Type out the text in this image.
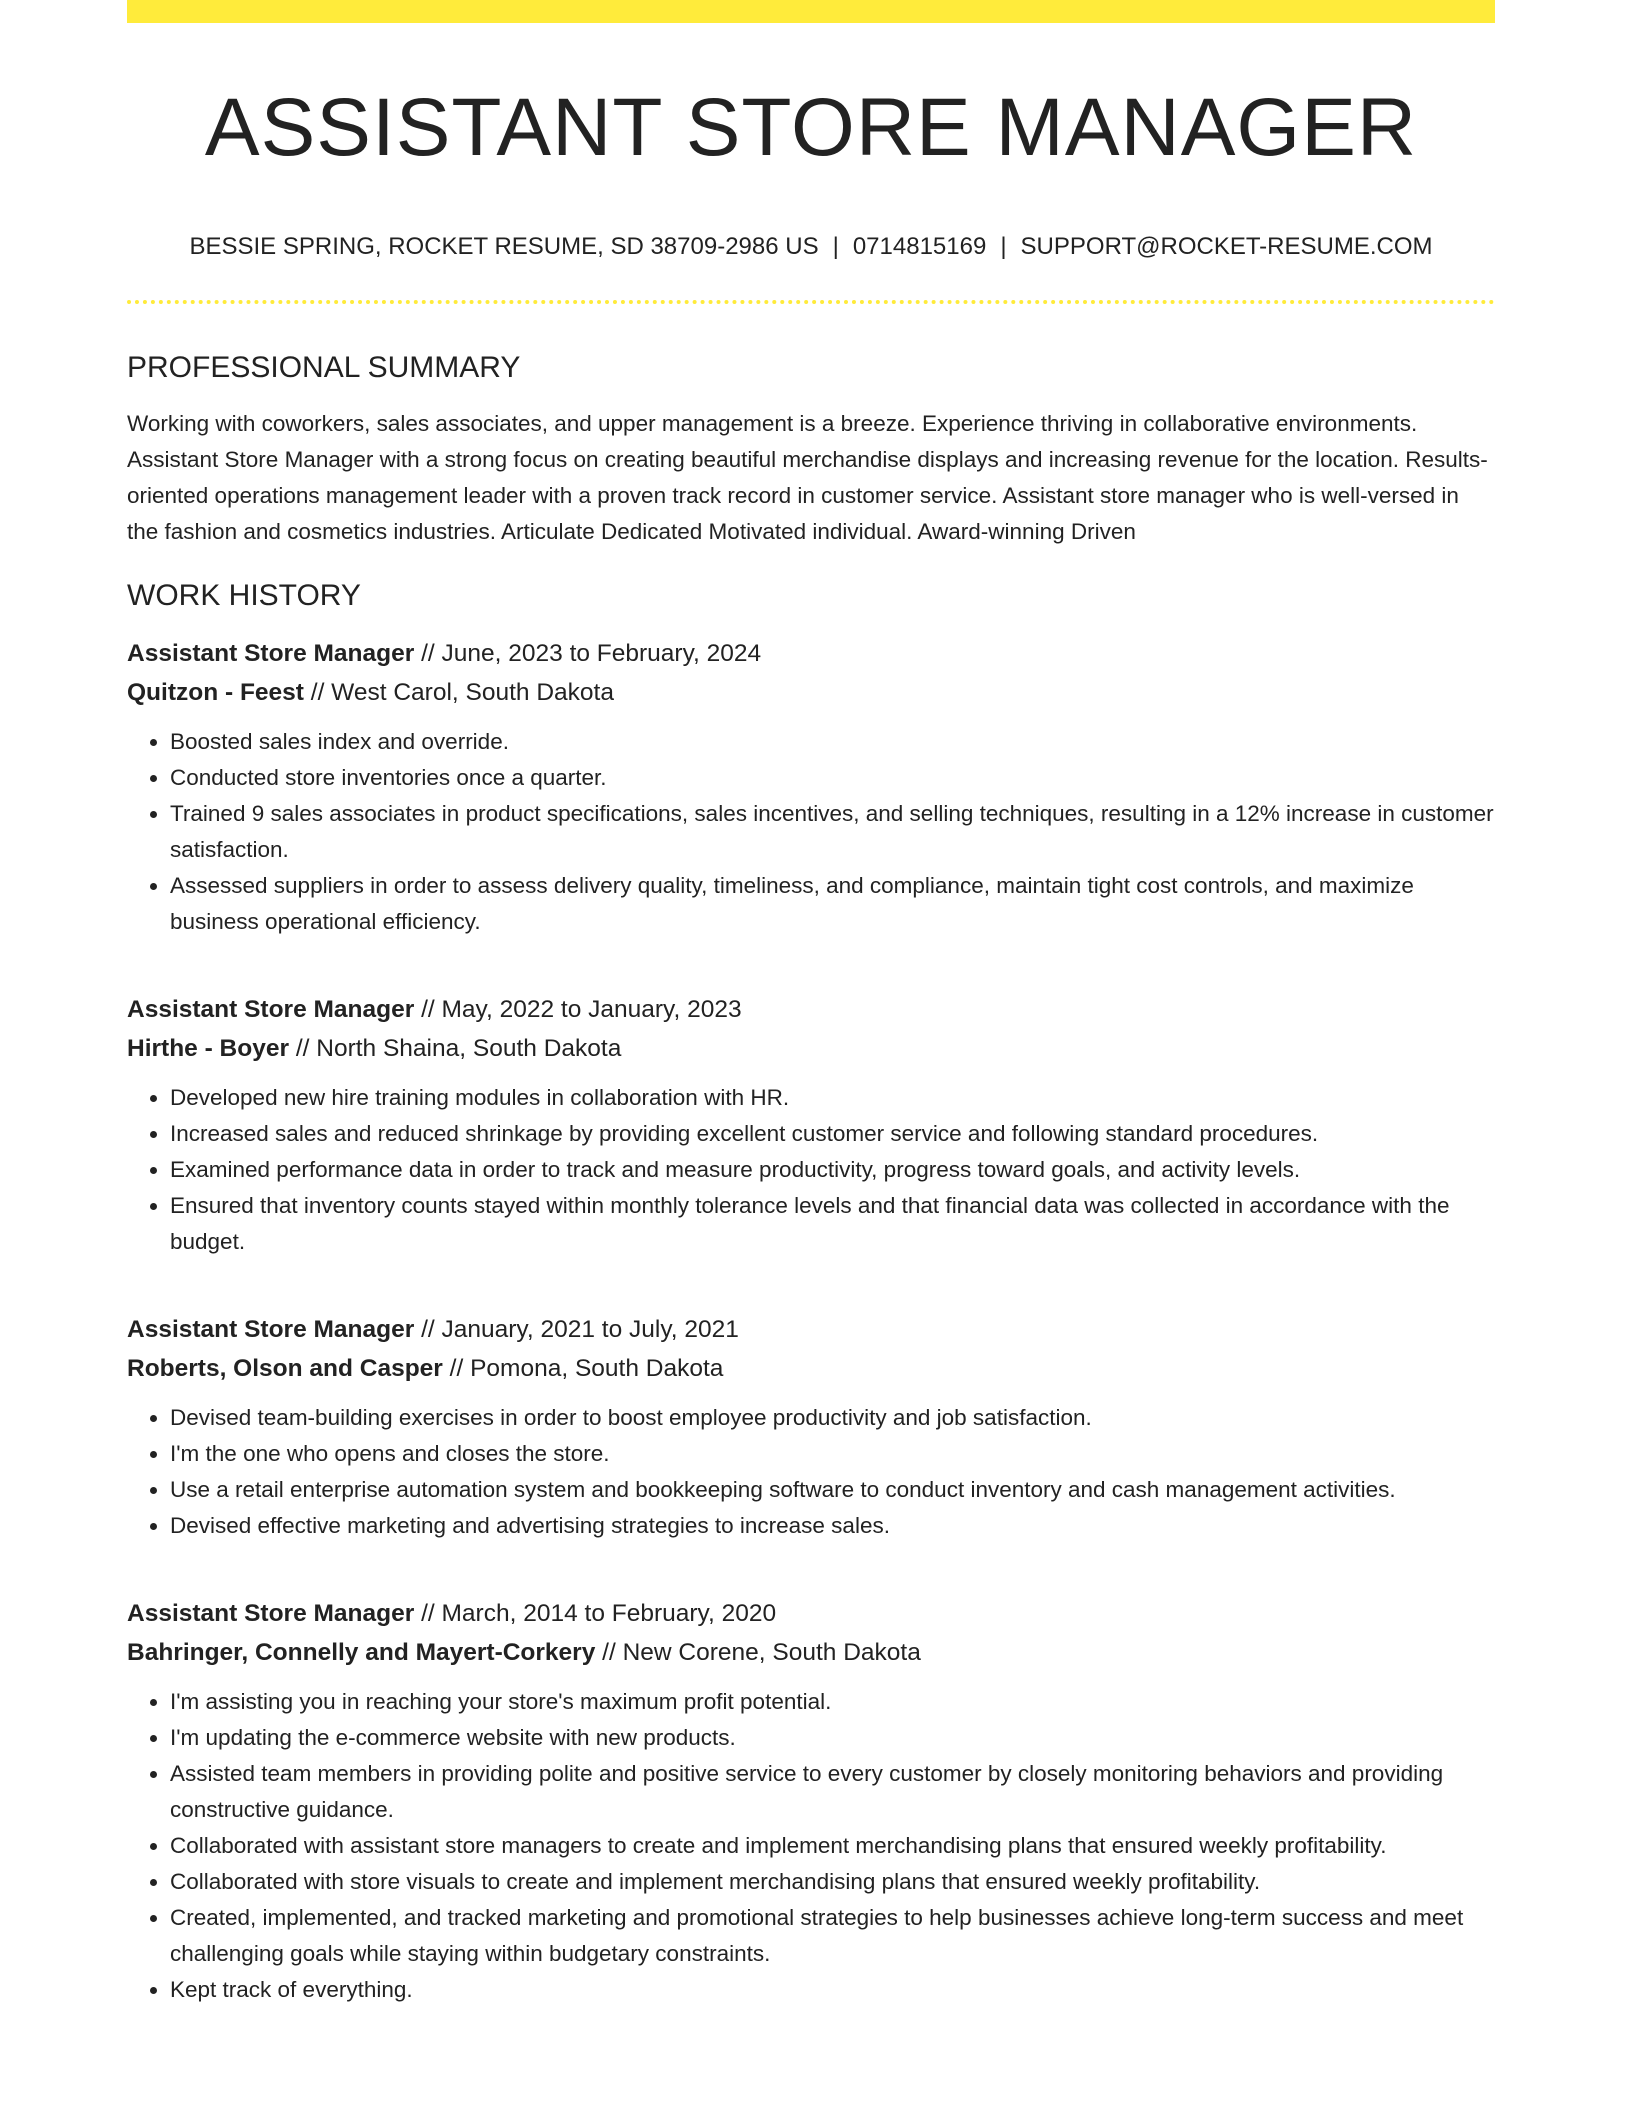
ASSISTANT STORE MANAGER
BESSIE SPRING, ROCKET RESUME, SD 38709-2986 US | 0714815169 | SUPPORT@ROCKET-RESUME.COM
PROFESSIONAL SUMMARY

Working with coworkers, sales associates, and upper management is a breeze. Experience thriving in collaborative environments. Assistant Store Manager with a strong focus on creating beautiful merchandise displays and increasing revenue for the location. Results-oriented operations management leader with a proven track record in customer service. Assistant store manager who is well-versed in the fashion and cosmetics industries. Articulate Dedicated Motivated individual. Award-winning Driven

WORK HISTORY
Assistant Store Manager // June, 2023 to February, 2024
Quitzon - Feest // West Carol, South Dakota
• Boosted sales index and override.
• Conducted store inventories once a quarter.
• Trained 9 sales associates in product specifications, sales incentives, and selling techniques, resulting in a 12% increase in customer satisfaction.
• Assessed suppliers in order to assess delivery quality, timeliness, and compliance, maintain tight cost controls, and maximize business operational efficiency.
Assistant Store Manager // May, 2022 to January, 2023
Hirthe - Boyer // North Shaina, South Dakota
• Developed new hire training modules in collaboration with HR.
• Increased sales and reduced shrinkage by providing excellent customer service and following standard procedures.
• Examined performance data in order to track and measure productivity, progress toward goals, and activity levels.
• Ensured that inventory counts stayed within monthly tolerance levels and that financial data was collected in accordance with the budget.
Assistant Store Manager // January, 2021 to July, 2021
Roberts, Olson and Casper // Pomona, South Dakota
• Devised team-building exercises in order to boost employee productivity and job satisfaction.
• I'm the one who opens and closes the store.
• Use a retail enterprise automation system and bookkeeping software to conduct inventory and cash management activities.
• Devised effective marketing and advertising strategies to increase sales.
Assistant Store Manager // March, 2014 to February, 2020
Bahringer, Connelly and Mayert-Corkery // New Corene, South Dakota
• I'm assisting you in reaching your store's maximum profit potential.
• I'm updating the e-commerce website with new products.
• Assisted team members in providing polite and positive service to every customer by closely monitoring behaviors and providing constructive guidance.
• Collaborated with assistant store managers to create and implement merchandising plans that ensured weekly profitability.
• Collaborated with store visuals to create and implement merchandising plans that ensured weekly profitability.
• Created, implemented, and tracked marketing and promotional strategies to help businesses achieve long-term success and meet challenging goals while staying within budgetary constraints.
• Kept track of everything.
